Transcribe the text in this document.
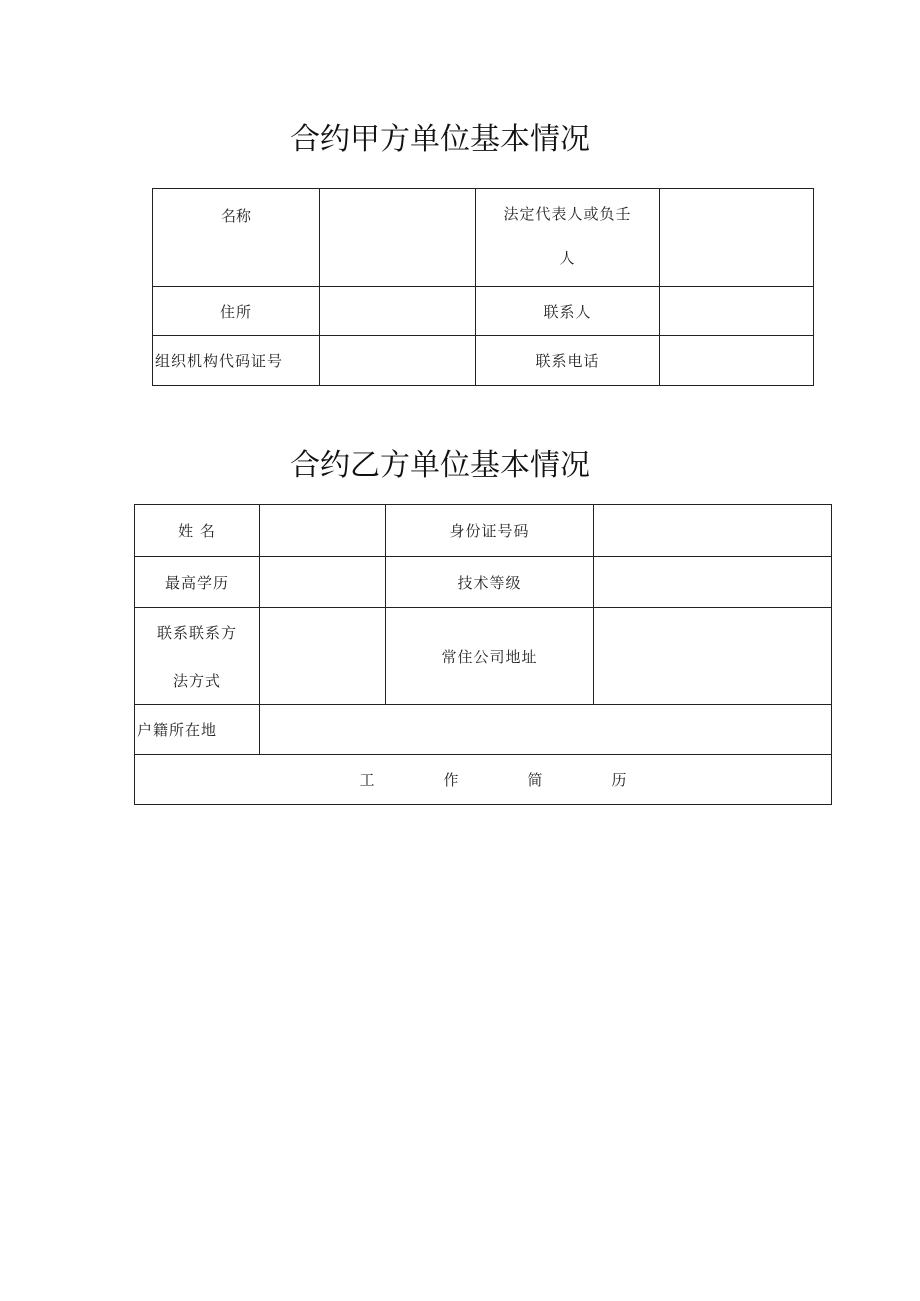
合约甲方单位基本情况
名称		法定代表人或负壬
人	

住所		联系人	
组织机构代码证号		联系电话	
合约乙方单位基本情况
姓 名		身份证号码	
最高学历		技术等级	

联系联系方
法方式		常住公司地址	
户籍所在地			

工 作 简 历			
